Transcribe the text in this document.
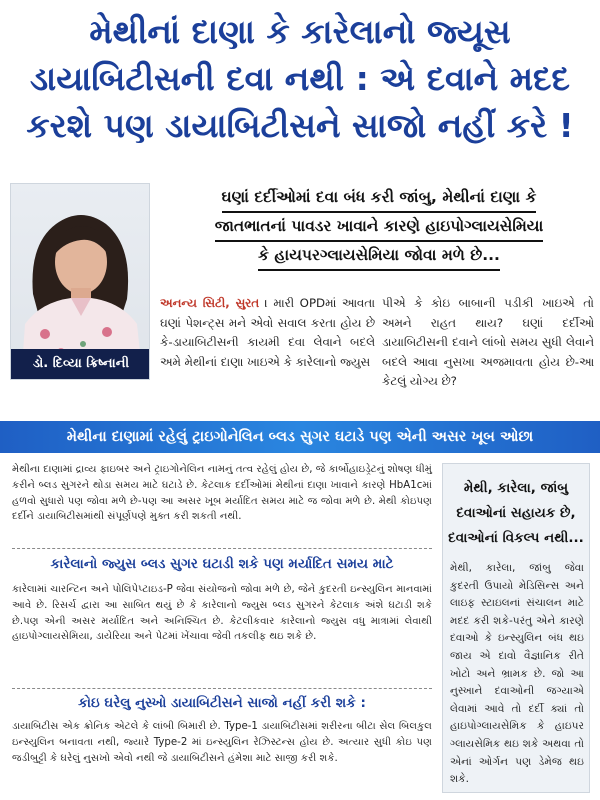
મેથીનાં દાણા કે કારેલાનો જ્યૂસ
ડાયાબિટીસની દવા નથી : એ દવાને મદદ
કરશે પણ ડાયાબિટીસને સાજો નહીં કરે !
ડો. દિવ્યા ક્રિષ્નાની
ઘણાં દર્દીઓમાં દવા બંધ કરી જાંબુ, મેથીનાં દાણા કે
જાતભાતનાં પાવડર ખાવાને કારણે હાઇપોગ્લાયસેમિયા
કે હાયપરગ્લાયસેમિયા જોવા મળે છે...
અનન્ય સિટી, સુરત । મારી OPDમાં આવતા ઘણાં પેશન્ટ્સ મને એવો સવાલ કરતા હોય છે કે-ડાયાબિટીસની કાયમી દવા લેવાને બદલે અમે મેથીનાં દાણા ખાઇએ કે કારેલાનો જ્યુસ
પીએ કે કોઇ બાબાની પડીકી ખાઇએ તો અમને રાહત થાય? ઘણાં દર્દીઓ ડાયાબિટીસની દવાને લાંબો સમય સુધી લેવાને બદલે આવા નુસખા અજમાવતા હોય છે-આ કેટલું યોગ્ય છે?
મેથીના દાણામાં રહેલું ટ્રાઇગોનેલિન બ્લડ સુગર ઘટાડે પણ એની અસર ખૂબ ઓછા
મેથીના દાણામાં દ્રાવ્ય ફાઇબર અને ટ્રાઇગોનેલિન નામનું તત્વ રહેલું હોય છે, જે કાર્બોહાઇડ્રેટનું શોષણ ધીમું કરીને બ્લડ સુગરને થોડા સમય માટે ઘટાડે છે. કેટલાક દર્દીઓમાં મેથીનાં દાણા ખાવાને કારણે HbA1cમાં હળવો સુધારો પણ જોવા મળે છે-પણ આ અસર ખૂબ મર્યાદિત સમય માટે જ જોવા મળે છે. મેથી કોઇપણ દર્દીને ડાયાબિટીસમાંથી સંપૂર્ણપણે મુક્ત કરી શકતી નથી.
કારેલાનો જ્યુસ બ્લડ સુગર ઘટાડી શકે પણ મર્યાદિત સમય માટે
કારેલામાં ચારન્ટિન અને પોલિપેપ્ટાઇડ-P જેવા સંયોજનો જોવા મળે છે, જેને કુદરતી ઇન્સ્યુલિન માનવામાં આવે છે. રિસર્ચ દ્વારા આ સાબિત થયું છે કે કારેલાનો જ્યુસ બ્લડ સુગરને કેટલાક અંશે ઘટાડી શકે છે.પણ એની અસર મર્યાદિત અને અનિશ્ચિત છે. કેટલીકવાર કારેલાનો જ્યુસ વધુ માત્રામાં લેવાથી હાઇપોગ્લાયસેમિયા, ડાયેરિયા અને પેટમાં ખેંચાવા જેવી તકલીફ થઇ શકે છે.
કોઇ ઘરેલુ નુસ્ખો ડાયાબિટીસને સાજો નહીં કરી શકે :
ડાયાબિટીસ એક ક્રોનિક એટલે કે લાંબી બિમારી છે. Type-1 ડાયાબિટીસમાં શરીરના બીટા સેલ બિલકુલ ઇન્સ્યુલિન બનાવતા નથી, જ્યારે Type-2 માં ઇન્સ્યુલિન રેઝિસ્ટન્સ હોય છે. અત્યાર સુધી કોઇ પણ જડીબુટ્ટી કે ઘરેલું નુસખો એવો નથી જે ડાયાબિટીસને હંમેશા માટે સાજી કરી શકે.
મેથી, કારેલા, જાંબુ
દવાઓનાં સહાયક છે,
દવાઓનાં વિકલ્પ નથી...
મેથી, કારેલા, જાંબુ જેવા કુદરતી ઉપાયો મેડિસિન્સ અને લાઇફ સ્ટાઇલનાં સંચાલન માટે મદદ કરી શકે-પરંતુ એને કારણે દવાઓ કે ઇન્સ્યુલિન બંધ થઇ જાય એ દાવો વૈજ્ઞાનિક રીતે ખોટો અને ભ્રામક છે. જો આ નુસ્ખાને દવાઓની જગ્યાએ લેવામાં આવે તો દર્દી ક્યાં તો હાઇપોગ્લાયસેમિક કે હાઇપર ગ્લાયસેમિક થઇ શકે અથવા તો એનાં ઓર્ગન પણ ડેમેજ થઇ શકે.
